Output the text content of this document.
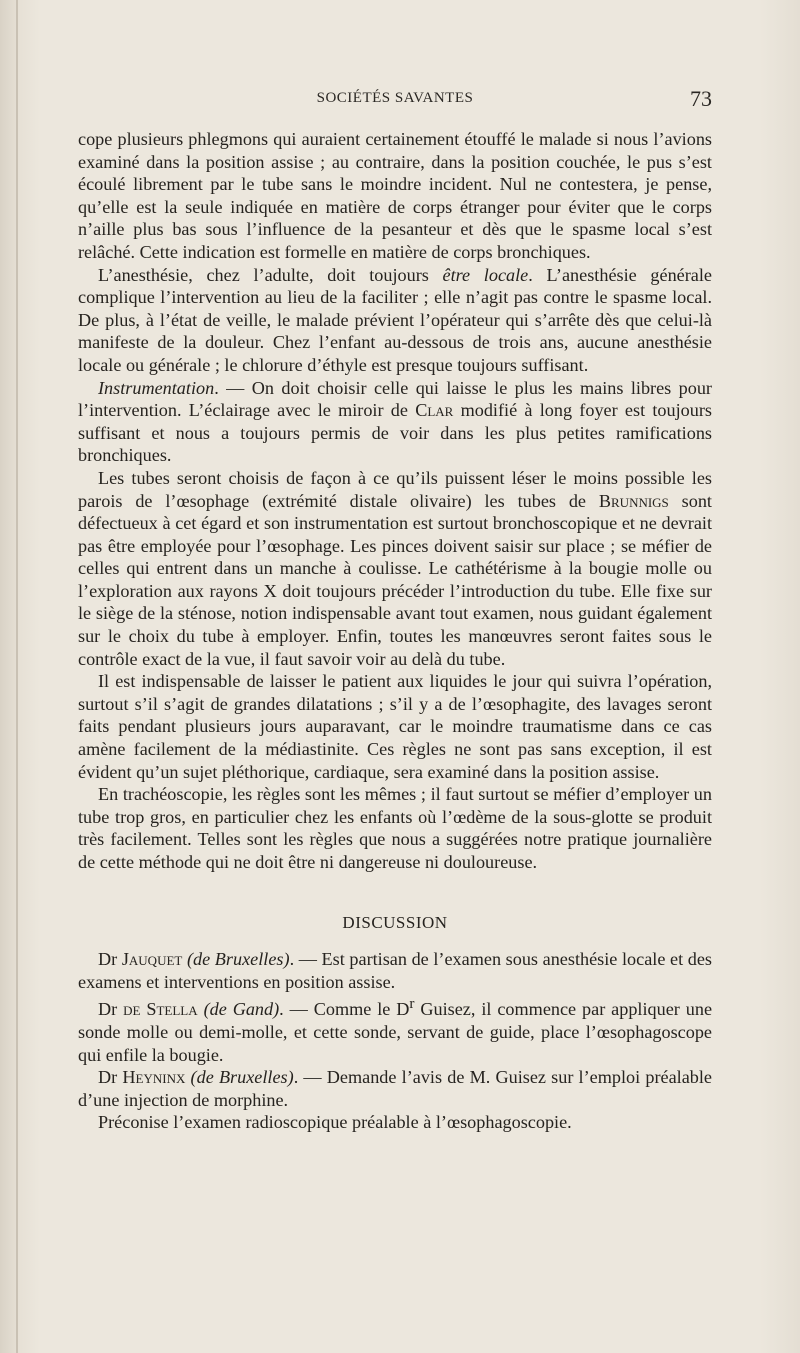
SOCIÉTÉS SAVANTES	73

cope plusieurs phlegmons qui auraient certainement étouffé le malade si nous l’avions examiné dans la position assise ; au contraire, dans la position couchée, le pus s’est écoulé librement par le tube sans le moindre incident. Nul ne contestera, je pense, qu’elle est la seule indiquée en matière de corps étranger pour éviter que le corps n’aille plus bas sous l’influence de la pesanteur et dès que le spasme local s’est relâché. Cette indication est formelle en matière de corps bronchiques.

L’anesthésie, chez l’adulte, doit toujours être locale. L’anesthésie générale complique l’intervention au lieu de la faciliter ; elle n’agit pas contre le spasme local. De plus, à l’état de veille, le malade prévient l’opérateur qui s’arrête dès que celui-là manifeste de la douleur. Chez l’enfant au-dessous de trois ans, aucune anesthésie locale ou générale ; le chlorure d’éthyle est presque toujours suffisant.

Instrumentation. — On doit choisir celle qui laisse le plus les mains libres pour l’intervention. L’éclairage avec le miroir de Clar modifié à long foyer est toujours suffisant et nous a toujours permis de voir dans les plus petites ramifications bronchiques.

Les tubes seront choisis de façon à ce qu’ils puissent léser le moins possible les parois de l’œsophage (extrémité distale olivaire) les tubes de Brunnigs sont défectueux à cet égard et son instrumentation est surtout bronchoscopique et ne devrait pas être employée pour l’œsophage. Les pinces doivent saisir sur place ; se méfier de celles qui entrent dans un manche à coulisse. Le cathétérisme à la bougie molle ou l’exploration aux rayons X doit toujours précéder l’introduction du tube. Elle fixe sur le siège de la sténose, notion indispensable avant tout examen, nous guidant également sur le choix du tube à employer. Enfin, toutes les manœuvres seront faites sous le contrôle exact de la vue, il faut savoir voir au delà du tube.

Il est indispensable de laisser le patient aux liquides le jour qui suivra l’opération, surtout s’il s’agit de grandes dilatations ; s’il y a de l’œsophagite, des lavages seront faits pendant plusieurs jours auparavant, car le moindre traumatisme dans ce cas amène facilement de la médiastinite. Ces règles ne sont pas sans exception, il est évident qu’un sujet pléthorique, cardiaque, sera examiné dans la position assise.

En trachéoscopie, les règles sont les mêmes ; il faut surtout se méfier d’employer un tube trop gros, en particulier chez les enfants où l’œdème de la sous-glotte se produit très facilement. Telles sont les règles que nous a suggérées notre pratique journalière de cette méthode qui ne doit être ni dangereuse ni douloureuse.

DISCUSSION

Dr Jauquet (de Bruxelles). — Est partisan de l’examen sous anesthésie locale et des examens et interventions en position assise.

Dr de Stella (de Gand). — Comme le $D^r$ Guisez, il commence par appliquer une sonde molle ou demi-molle, et cette sonde, servant de guide, place l’œsophagoscope qui enfile la bougie.

Dr Heyninx (de Bruxelles). — Demande l’avis de M. Guisez sur l’emploi préalable d’une injection de morphine.

Préconise l’examen radioscopique préalable à l’œsophagoscopie.
